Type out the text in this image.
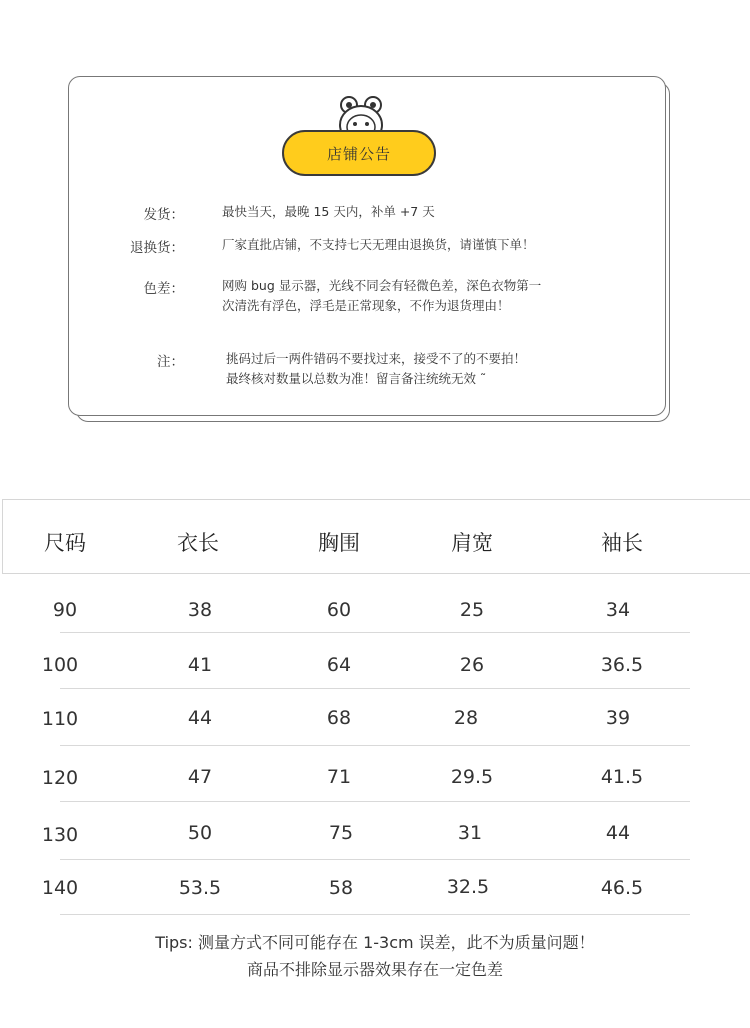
店铺公告
发货：	最快当天，最晚 15 天内，补单 +7 天
退换货：	厂家直批店铺，不支持七天无理由退换货，请谨慎下单！
色差：	网购 bug 显示器，光线不同会有轻微色差，深色衣物第一
次清洗有浮色，浮毛是正常现象，不作为退货理由！
注：	挑码过后一两件错码不要找过来，接受不了的不要拍！
最终核对数量以总数为准！留言备注统统无效 ˜
尺码	衣长	胸围	肩宽	袖长
90	38	60	25	34
100	41	64	26	36.5
110	44	68	28	39
120	47	71	29.5	41.5
130	50	75	31	44
140	53.5	58	32.5	46.5
Tips: 测量方式不同可能存在 1-3cm 误差，此不为质量问题！
商品不排除显示器效果存在一定色差
